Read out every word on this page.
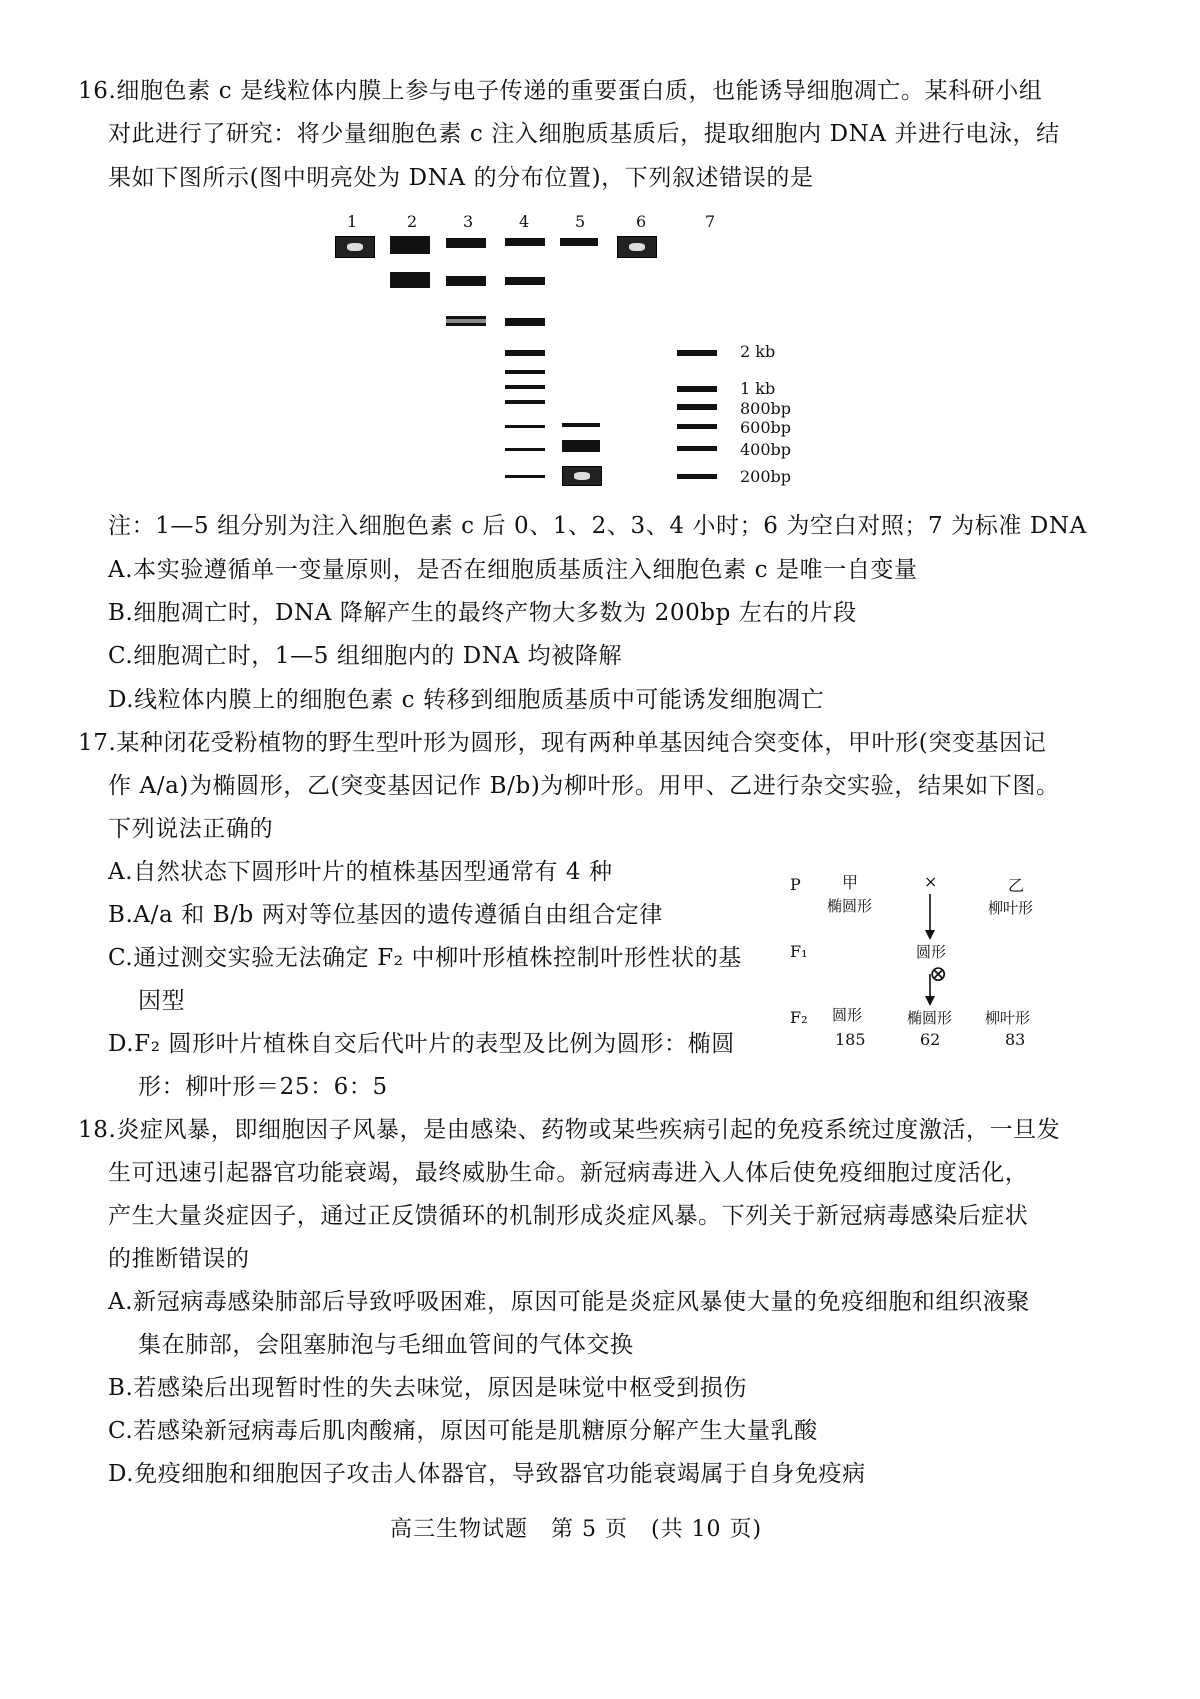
16.细胞色素 c 是线粒体内膜上参与电子传递的重要蛋白质，也能诱导细胞凋亡。某科研小组
对此进行了研究：将少量细胞色素 c 注入细胞质基质后，提取细胞内 DNA 并进行电泳，结
果如下图所示(图中明亮处为 DNA 的分布位置)，下列叙述错误的是
1	2	3	4	5	6	7
2 kb
1 kb
800bp
600bp
400bp
200bp
注：1—5 组分别为注入细胞色素 c 后 0、1、2、3、4 小时；6 为空白对照；7 为标准 DNA
A.本实验遵循单一变量原则，是否在细胞质基质注入细胞色素 c 是唯一自变量
B.细胞凋亡时，DNA 降解产生的最终产物大多数为 200bp 左右的片段
C.细胞凋亡时，1—5 组细胞内的 DNA 均被降解
D.线粒体内膜上的细胞色素 c 转移到细胞质基质中可能诱发细胞凋亡
17.某种闭花受粉植物的野生型叶形为圆形，现有两种单基因纯合突变体，甲叶形(突变基因记
作 A/a)为椭圆形，乙(突变基因记作 B/b)为柳叶形。用甲、乙进行杂交实验，结果如下图。
下列说法正确的
A.自然状态下圆形叶片的植株基因型通常有 4 种
B.A/a 和 B/b 两对等位基因的遗传遵循自由组合定律
C.通过测交实验无法确定 F₂ 中柳叶形植株控制叶形性状的基
因型
D.F₂ 圆形叶片植株自交后代叶片的表型及比例为圆形：椭圆
形：柳叶形＝25：6：5
P	甲
椭圆形
×	乙
柳叶形
F₁	圆形
⊗
F₂ 圆形	椭圆形 柳叶形
185	62	83
18.炎症风暴，即细胞因子风暴，是由感染、药物或某些疾病引起的免疫系统过度激活，一旦发
生可迅速引起器官功能衰竭，最终威胁生命。新冠病毒进入人体后使免疫细胞过度活化，
产生大量炎症因子，通过正反馈循环的机制形成炎症风暴。下列关于新冠病毒感染后症状
的推断错误的
A.新冠病毒感染肺部后导致呼吸困难，原因可能是炎症风暴使大量的免疫细胞和组织液聚
集在肺部，会阻塞肺泡与毛细血管间的气体交换
B.若感染后出现暂时性的失去味觉，原因是味觉中枢受到损伤
C.若感染新冠病毒后肌肉酸痛，原因可能是肌糖原分解产生大量乳酸
D.免疫细胞和细胞因子攻击人体器官，导致器官功能衰竭属于自身免疫病
高三生物试题　第 5 页　(共 10 页)
